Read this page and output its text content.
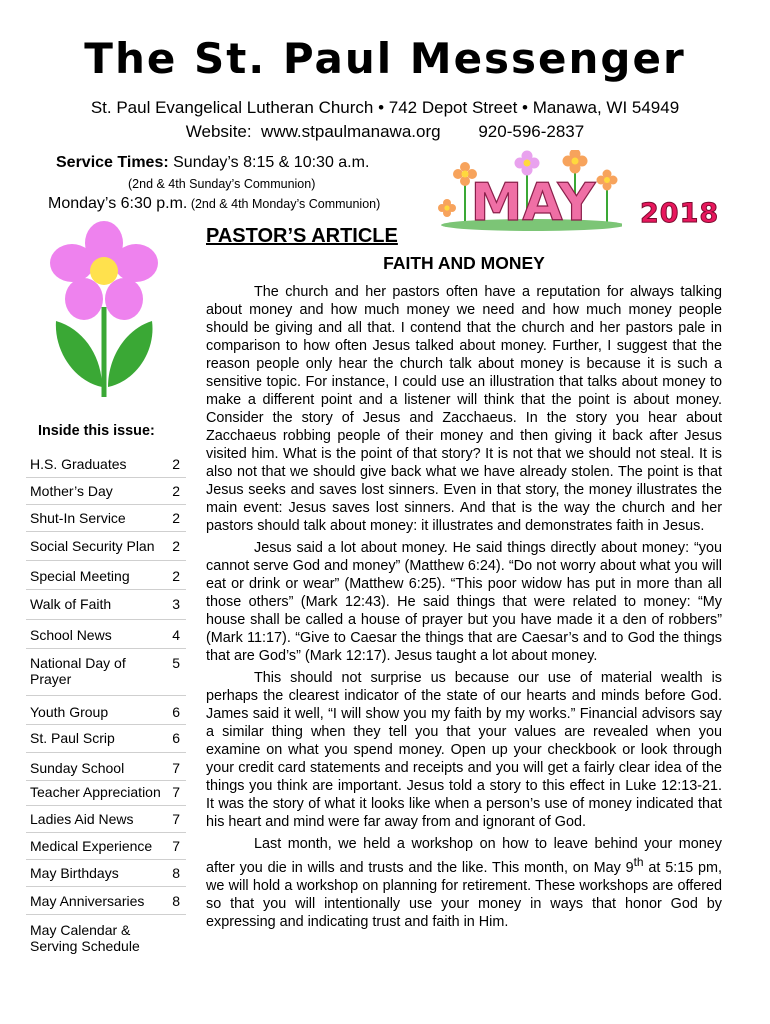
The St. Paul Messenger
St. Paul Evangelical Lutheran Church • 742 Depot Street • Manawa, WI 54949
Website:  www.stpaulmanawa.org        920-596-2837
Service Times: Sunday’s 8:15 & 10:30 a.m.
(2nd & 4th Sunday’s Communion)
Monday’s 6:30 p.m. (2nd & 4th Monday’s Communion) MAY 2018
PASTOR’S ARTICLE
FAITH AND MONEY

The church and her pastors often have a reputation for always talking about money and how much money we need and how much money people should be giving and all that. I contend that the church and her pastors pale in comparison to how often Jesus talked about money. Further, I suggest that the reason people only hear the church talk about money is because it is such a sensitive topic. For instance, I could use an illustration that talks about money to make a different point and a listener will think that the point is about money. Consider the story of Jesus and Zacchaeus. In the story you hear about Zacchaeus robbing people of their money and then giving it back after Jesus visited him. What is the point of that story? It is not that we should not steal. It is also not that we should give back what we have already stolen. The point is that Jesus seeks and saves lost sinners. Even in that story, the money illustrates the main event: Jesus saves lost sinners. And that is the way the church and her pastors should talk about money: it illustrates and demonstrates faith in Jesus.

Jesus said a lot about money. He said things directly about money: “you cannot serve God and money” (Matthew 6:24). “Do not worry about what you will eat or drink or wear” (Matthew 6:25). “This poor widow has put in more than all those others” (Mark 12:43). He said things that were related to money: “My house shall be called a house of prayer but you have made it a den of robbers” (Mark 11:17). “Give to Caesar the things that are Caesar’s and to God the things that are God’s” (Mark 12:17). Jesus taught a lot about money.

This should not surprise us because our use of material wealth is perhaps the clearest indicator of the state of our hearts and minds before God. James said it well, “I will show you my faith by my works.” Financial advisors say a similar thing when they tell you that your values are revealed when you examine on what you spend money. Open up your checkbook or look through your credit card statements and receipts and you will get a fairly clear idea of the things you think are important. Jesus told a story to this effect in Luke 12:13-21. It was the story of what it looks like when a person’s use of money indicated that his heart and mind were far away from and ignorant of God.

Last month, we held a workshop on how to leave behind your money after you die in wills and trusts and the like. This month, on May 9th at 5:15 pm, we will hold a workshop on planning for retirement. These workshops are offered so that you will intentionally use your money in ways that honor God by expressing and indicating trust and faith in Him.

Inside this issue:
H.S. Graduates	2
Mother’s Day	2
Shut-In Service	2
Social Security Plan	2
Special Meeting	2
Walk of Faith	3
School News	4
National Day of Prayer
5
Youth Group	6
St. Paul Scrip	6
Sunday School	7
Teacher Appreciation 7
Ladies Aid News	7
Medical Experience	7
May Birthdays	8
May Anniversaries	8
May Calendar & Serving Schedule
